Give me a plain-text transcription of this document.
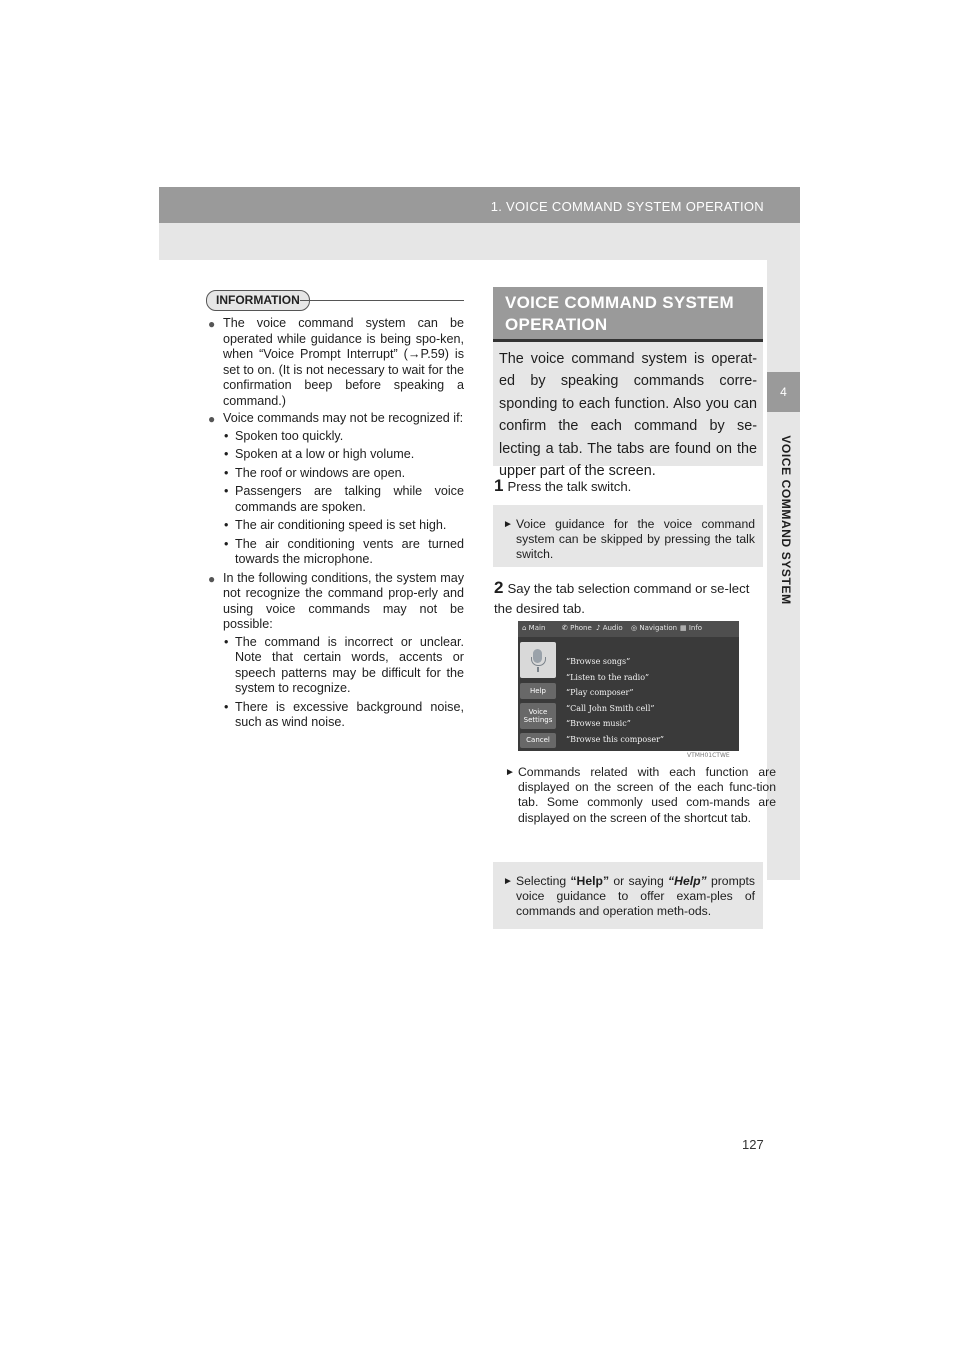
1. VOICE COMMAND SYSTEM OPERATION
4
VOICE COMMAND SYSTEM
INFORMATION
● The voice command system can be operated while guidance is being spo-ken, when “Voice Prompt Interrupt” (→P.59) is set to on. (It is not necessary to wait for the confirmation beep before speaking a command.)
● Voice commands may not be recognized if:
• Spoken too quickly.
• Spoken at a low or high volume.
• The roof or windows are open.
• Passengers are talking while voice commands are spoken.
• The air conditioning speed is set high.
• The air conditioning vents are turned towards the microphone.
● In the following conditions, the system may not recognize the command prop-erly and using voice commands may not be possible:
• The command is incorrect or unclear. Note that certain words, accents or speech patterns may be difficult for the system to recognize.
• There is excessive background noise, such as wind noise.
VOICE COMMAND SYSTEM OPERATION
The voice command system is operat-ed by speaking commands corre-sponding to each function. Also you can confirm the each command by se-lecting a tab. The tabs are found on the upper part of the screen.
1 Press the talk switch.
► Voice guidance for the voice command system can be skipped by pressing the talk switch.
2 Say the tab selection command or se-lect the desired tab.
⌂ Main ✆ Phone ♪ Audio ◎ Navigation ▦ Info
Help
Voice
Settings
Cancel
“Browse songs”
“Listen to the radio”
“Play composer”
“Call John Smith cell”
“Browse music”
“Browse this composer”
VTMH01CTWE
► Commands related with each function are displayed on the screen of the each func-tion tab. Some commonly used com-mands are displayed on the screen of the shortcut tab.
► Selecting “Help” or saying “Help” prompts voice guidance to offer exam-ples of commands and operation meth-ods.
127
